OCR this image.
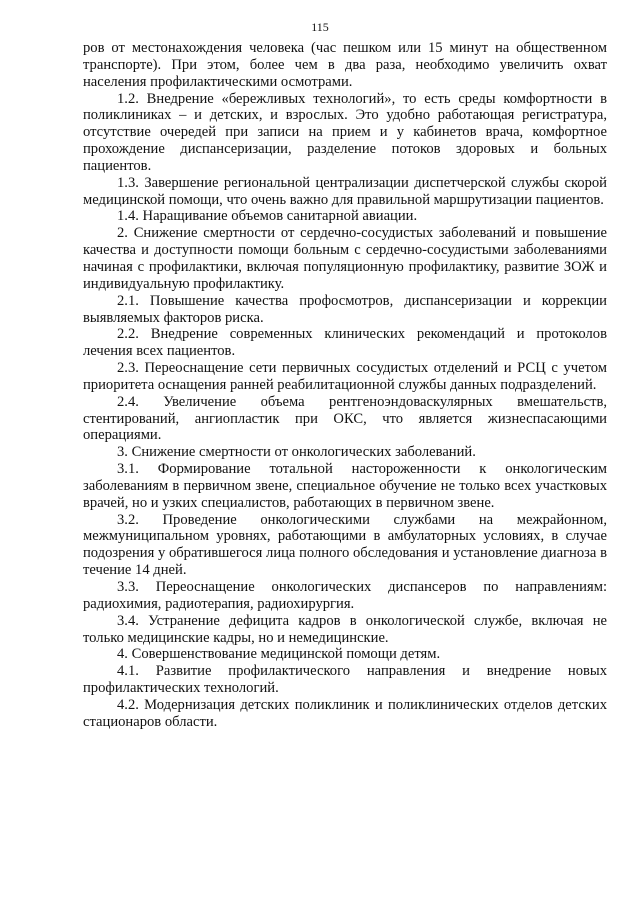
115

ров от местонахождения человека (час пешком или 15 минут на общественном транспорте). При этом, более чем в два раза, необходимо увеличить охват населения профилактическими осмотрами.

1.2. Внедрение «бережливых технологий», то есть среды комфортности в поликлиниках – и детских, и взрослых. Это удобно работающая регистратура, отсутствие очередей при записи на прием и у кабинетов врача, комфортное прохождение диспансеризации, разделение потоков здоровых и больных пациентов.

1.3. Завершение региональной централизации диспетчерской службы скорой медицинской помощи, что очень важно для правильной маршрутизации пациентов.

1.4. Наращивание объемов санитарной авиации.

2. Снижение смертности от сердечно-сосудистых заболеваний и повышение качества и доступности помощи больным с сердечно-сосудистыми заболеваниями начиная с профилактики, включая популяционную профилактику, развитие ЗОЖ и индивидуальную профилактику.

2.1. Повышение качества профосмотров, диспансеризации и коррекции выявляемых факторов риска.

2.2. Внедрение современных клинических рекомендаций и протоколов лечения всех пациентов.

2.3. Переоснащение сети первичных сосудистых отделений и РСЦ с учетом приоритета оснащения ранней реабилитационной службы данных подразделений.

2.4. Увеличение объема рентгеноэндоваскулярных вмешательств, стентирований, ангиопластик при ОКС, что является жизнеспасающими операциями.

3. Снижение смертности от онкологических заболеваний.

3.1. Формирование тотальной настороженности к онкологическим заболеваниям в первичном звене, специальное обучение не только всех участковых врачей, но и узких специалистов, работающих в первичном звене.

3.2. Проведение онкологическими службами на межрайонном, межмуниципальном уровнях, работающими в амбулаторных условиях, в случае подозрения у обратившегося лица полного обследования и установление диагноза в течение 14 дней.

3.3. Переоснащение онкологических диспансеров по направлениям: радиохимия, радиотерапия, радиохирургия.

3.4. Устранение дефицита кадров в онкологической службе, включая не только медицинские кадры, но и немедицинские.

4. Совершенствование медицинской помощи детям.

4.1. Развитие профилактического направления и внедрение новых профилактических технологий.

4.2. Модернизация детских поликлиник и поликлинических отделов детских стационаров области.
